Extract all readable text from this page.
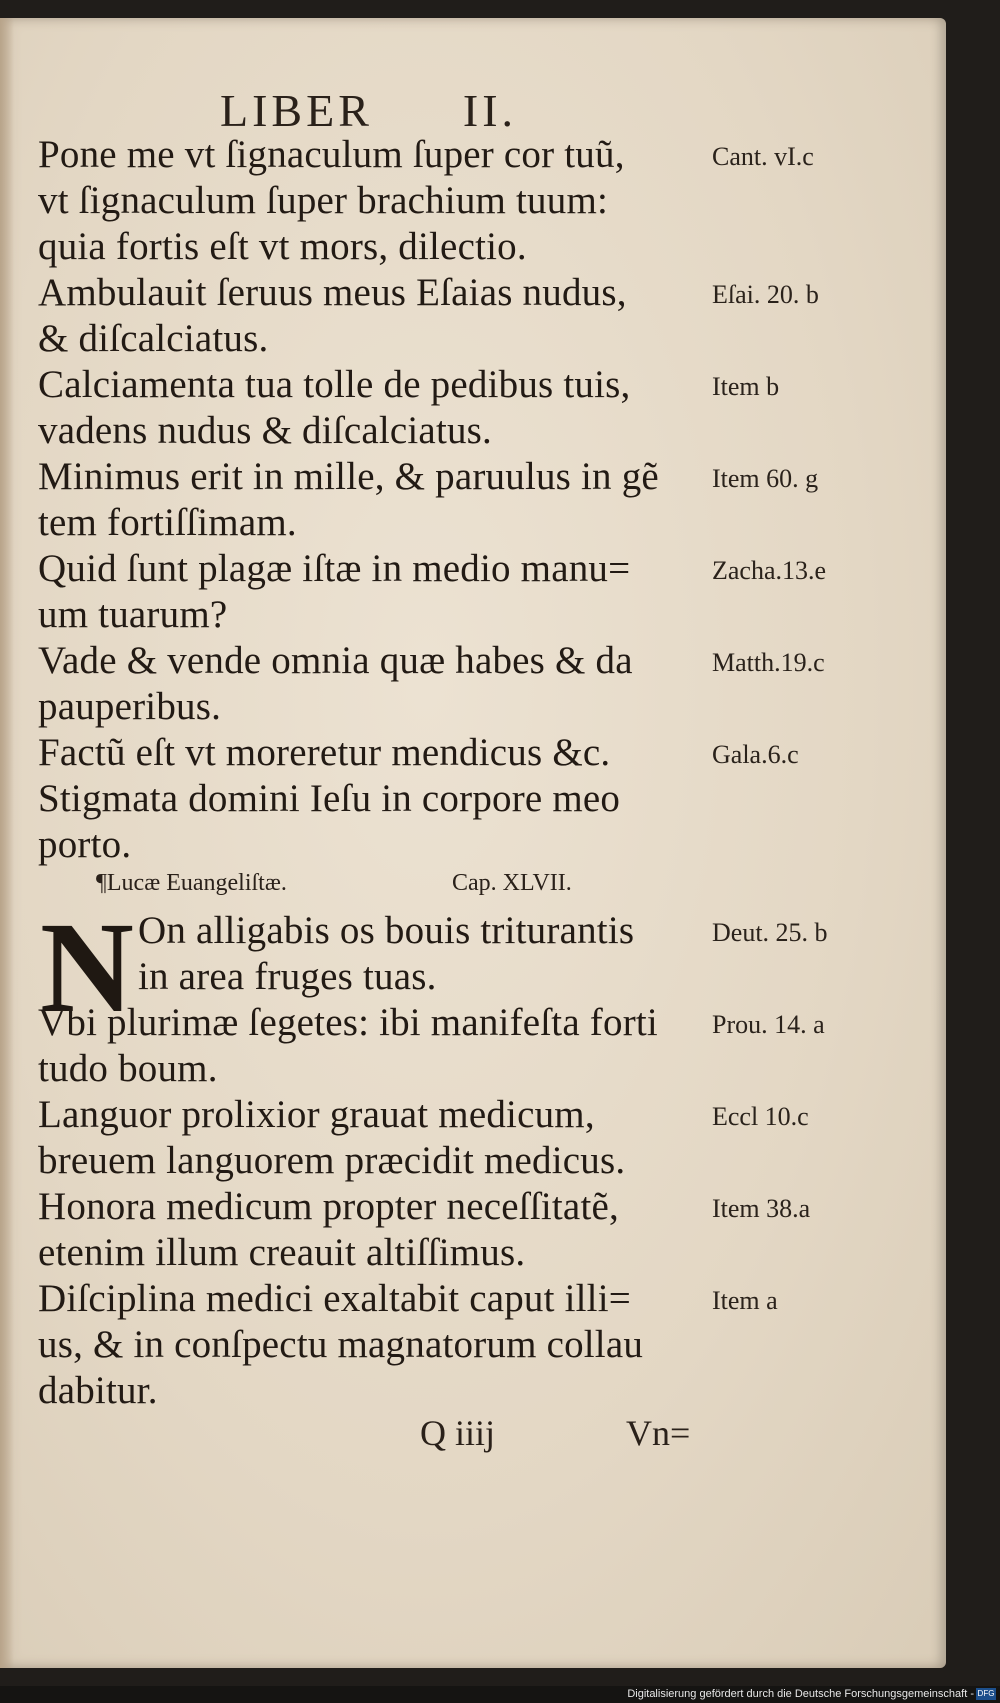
LIBER II.
Pone me vt ſignaculum ſuper cor tuũ,	Cant. vI.c
vt ſignaculum ſuper brachium tuum:
quia fortis eſt vt mors, dilectio.
Ambulauit ſeruus meus Eſaias nudus,	Eſai. 20. b
& diſcalciatus.
Calciamenta tua tolle de pedibus tuis,	Item b
vadens nudus & diſcalciatus.
Minimus erit in mille, & paruulus in gẽ Item 60. g
tem fortiſſimam.
Quid ſunt plagæ iſtæ in medio manu=	Zacha.13.e
um tuarum?
Vade & vende omnia quæ habes & da	Matth.19.c
pauperibus.
Factũ eſt vt moreretur mendicus &c.	Gala.6.c
Stigmata domini Ieſu in corpore meo
porto.
¶Lucæ Euangeliſtæ.	Cap. XLVII.
N On alligabis os bouis triturantis	Deut. 25. b
in area fruges tuas.
Vbi plurimæ ſegetes: ibi manifeſta forti Prou. 14. a
tudo boum.
Languor prolixior grauat medicum,	Eccl 10.c
breuem languorem præcidit medicus.
Honora medicum propter neceſſitatẽ,	Item 38.a
etenim illum creauit altiſſimus.
Diſciplina medici exaltabit caput illi=	Item a
us, & in conſpectu magnatorum collau
dabitur.
Q iiij	Vn=
Digitalisierung gefördert durch die Deutsche Forschungsgemeinschaft - DFG
